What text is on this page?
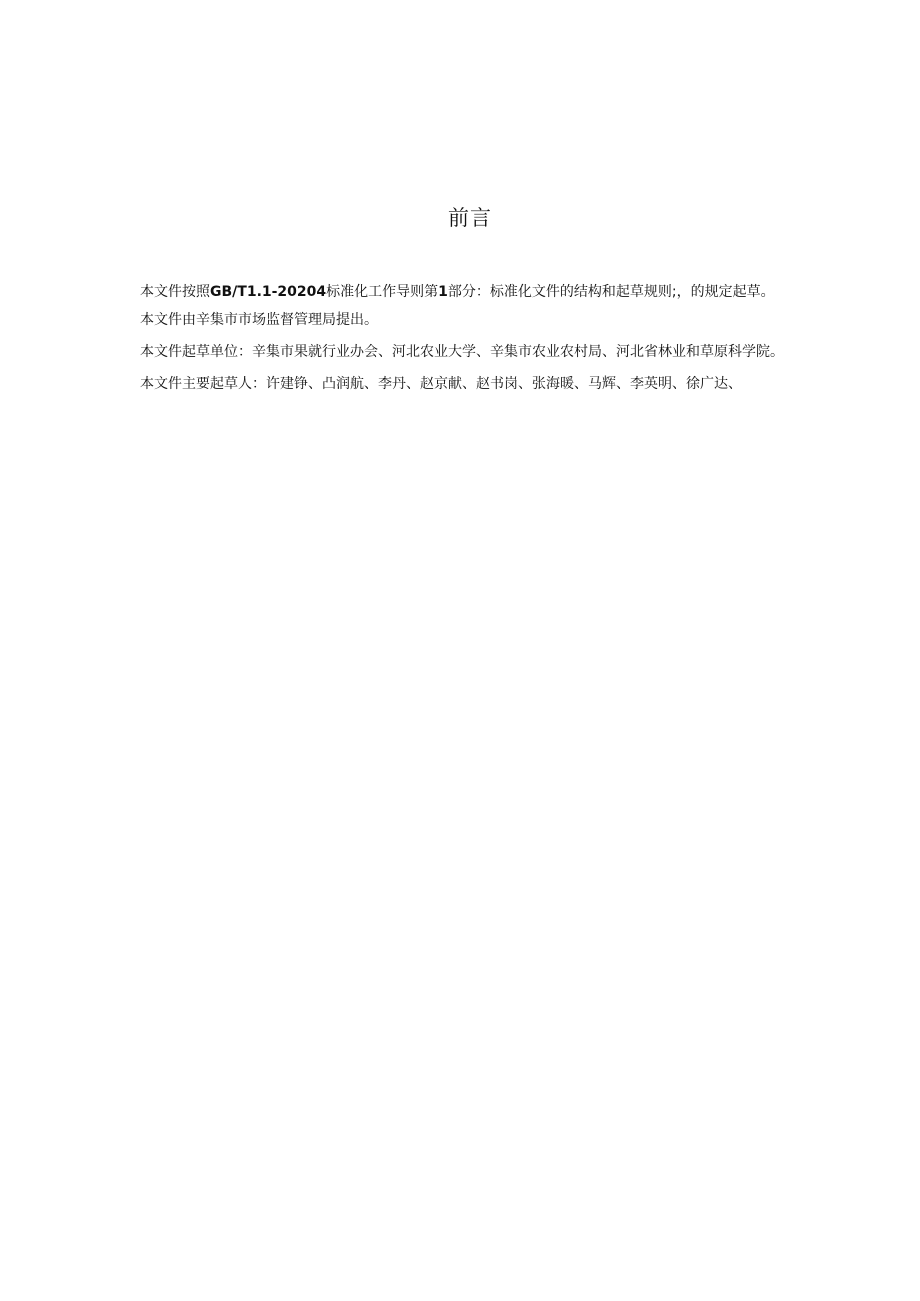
前言

本文件按照GB/T1.1-20204标准化工作导则第1部分：标准化文件的结构和起草规则;，的规定起草。

本文件由辛集市市场监督管理局提出。

本文件起草单位：辛集市果就行业办会、河北农业大学、辛集市农业农村局、河北省林业和草原科学院。

本文件主要起草人：许建铮、凸润航、李丹、赵京献、赵书岗、张海暖、马辉、李英明、徐广达、
